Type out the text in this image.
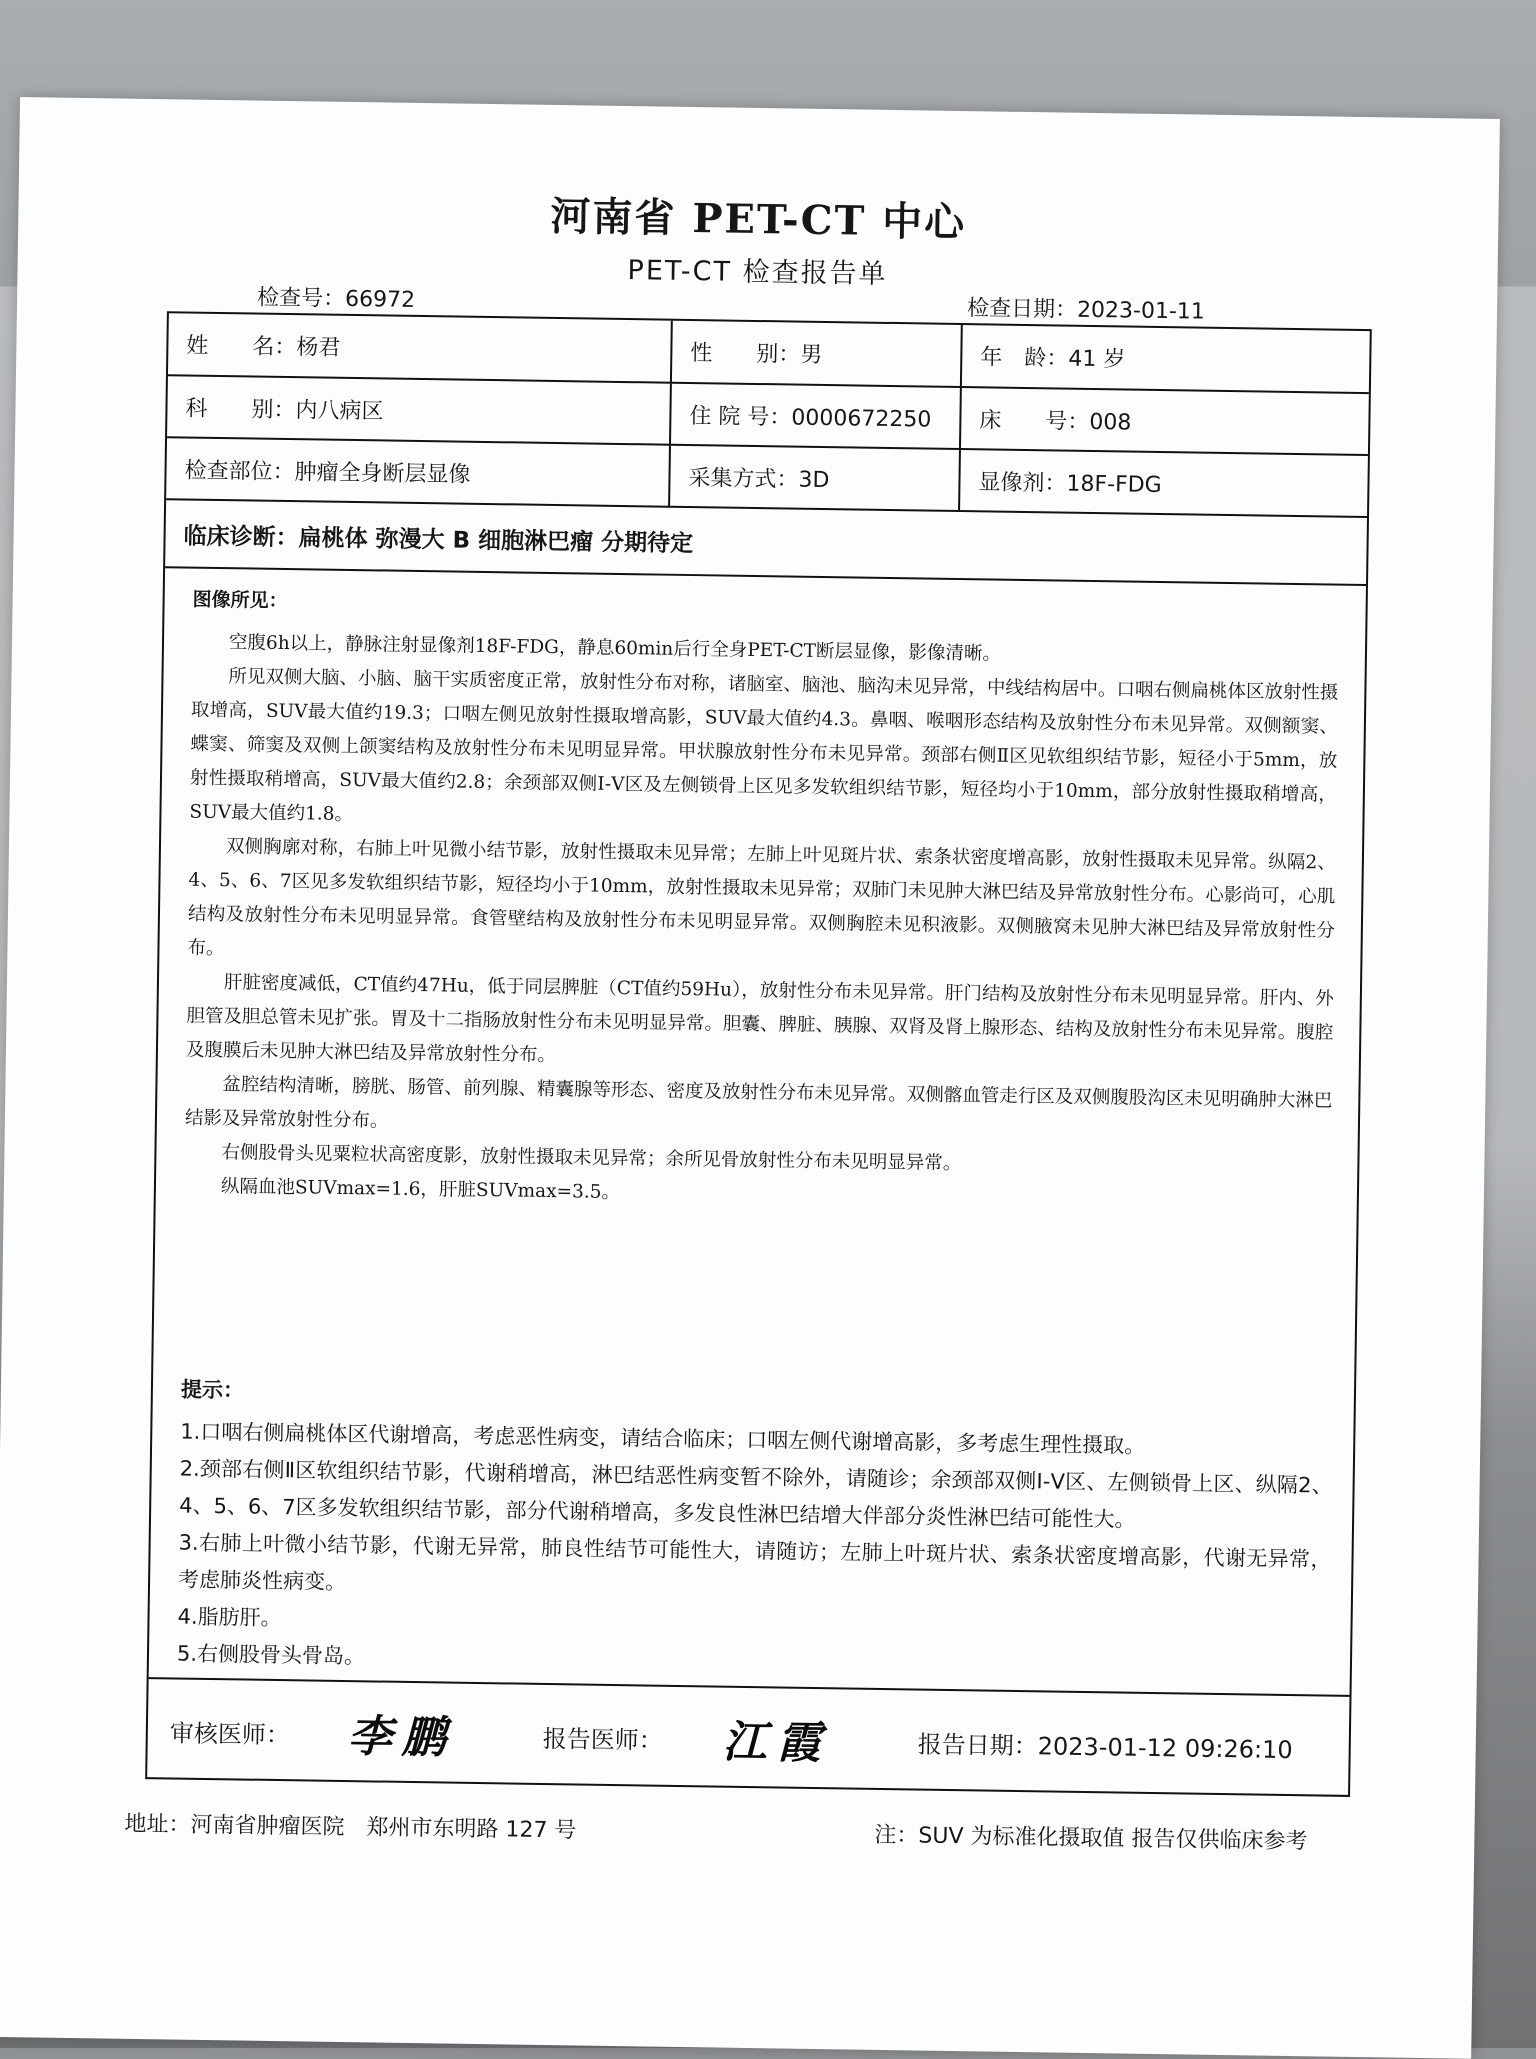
河南省 PET-CT 中心
PET-CT 检查报告单
检查号：66972	检查日期：2023-01-11
姓　　名：杨君	性　　别：男	年　龄：41 岁
科　　别：内八病区	住 院 号：0000672250	床　　号：008
检查部位：肿瘤全身断层显像	采集方式：3D	显像剂：18F-FDG
临床诊断：扁桃体 弥漫大 B 细胞淋巴瘤 分期待定		
图像所见：

空腹6h以上，静脉注射显像剂18F-FDG，静息60min后行全身PET-CT断层显像，影像清晰。

所见双侧大脑、小脑、脑干实质密度正常，放射性分布对称，诸脑室、脑池、脑沟未见异常，中线结构居中。口咽右侧扁桃体区放射性摄取增高，SUV最大值约19.3；口咽左侧见放射性摄取增高影，SUV最大值约4.3。鼻咽、喉咽形态结构及放射性分布未见异常。双侧额窦、蝶窦、筛窦及双侧上颌窦结构及放射性分布未见明显异常。甲状腺放射性分布未见异常。颈部右侧Ⅱ区见软组织结节影，短径小于5mm，放射性摄取稍增高，SUV最大值约2.8；余颈部双侧Ⅰ-Ⅴ区及左侧锁骨上区见多发软组织结节影，短径均小于10mm，部分放射性摄取稍增高，SUV最大值约1.8。

双侧胸廓对称，右肺上叶见微小结节影，放射性摄取未见异常；左肺上叶见斑片状、索条状密度增高影，放射性摄取未见异常。纵隔2、4、5、6、7区见多发软组织结节影，短径均小于10mm，放射性摄取未见异常；双肺门未见肿大淋巴结及异常放射性分布。心影尚可，心肌结构及放射性分布未见明显异常。食管壁结构及放射性分布未见明显异常。双侧胸腔未见积液影。双侧腋窝未见肿大淋巴结及异常放射性分布。

肝脏密度减低，CT值约47Hu，低于同层脾脏（CT值约59Hu），放射性分布未见异常。肝门结构及放射性分布未见明显异常。肝内、外胆管及胆总管未见扩张。胃及十二指肠放射性分布未见明显异常。胆囊、脾脏、胰腺、双肾及肾上腺形态、结构及放射性分布未见异常。腹腔及腹膜后未见肿大淋巴结及异常放射性分布。

盆腔结构清晰，膀胱、肠管、前列腺、精囊腺等形态、密度及放射性分布未见异常。双侧髂血管走行区及双侧腹股沟区未见明确肿大淋巴结影及异常放射性分布。

右侧股骨头见粟粒状高密度影，放射性摄取未见异常；余所见骨放射性分布未见明显异常。

纵隔血池SUVmax=1.6，肝脏SUVmax=3.5。

提示：
1.口咽右侧扁桃体区代谢增高，考虑恶性病变，请结合临床；口咽左侧代谢增高影，多考虑生理性摄取。
2.颈部右侧Ⅱ区软组织结节影，代谢稍增高，淋巴结恶性病变暂不除外，请随诊；余颈部双侧Ⅰ-Ⅴ区、左侧锁骨上区、纵隔2、4、5、6、7区多发软组织结节影，部分代谢稍增高，多发良性淋巴结增大伴部分炎性淋巴结可能性大。
3.右肺上叶微小结节影，代谢无异常，肺良性结节可能性大，请随访；左肺上叶斑片状、索条状密度增高影，代谢无异常，考虑肺炎性病变。
4.脂肪肝。
5.右侧股骨头骨岛。
审核医师： 李鹏	报告医师： 江霞	报告日期：2023-01-12 09:26:10
地址：河南省肿瘤医院　郑州市东明路 127 号	注：SUV 为标准化摄取值 报告仅供临床参考
